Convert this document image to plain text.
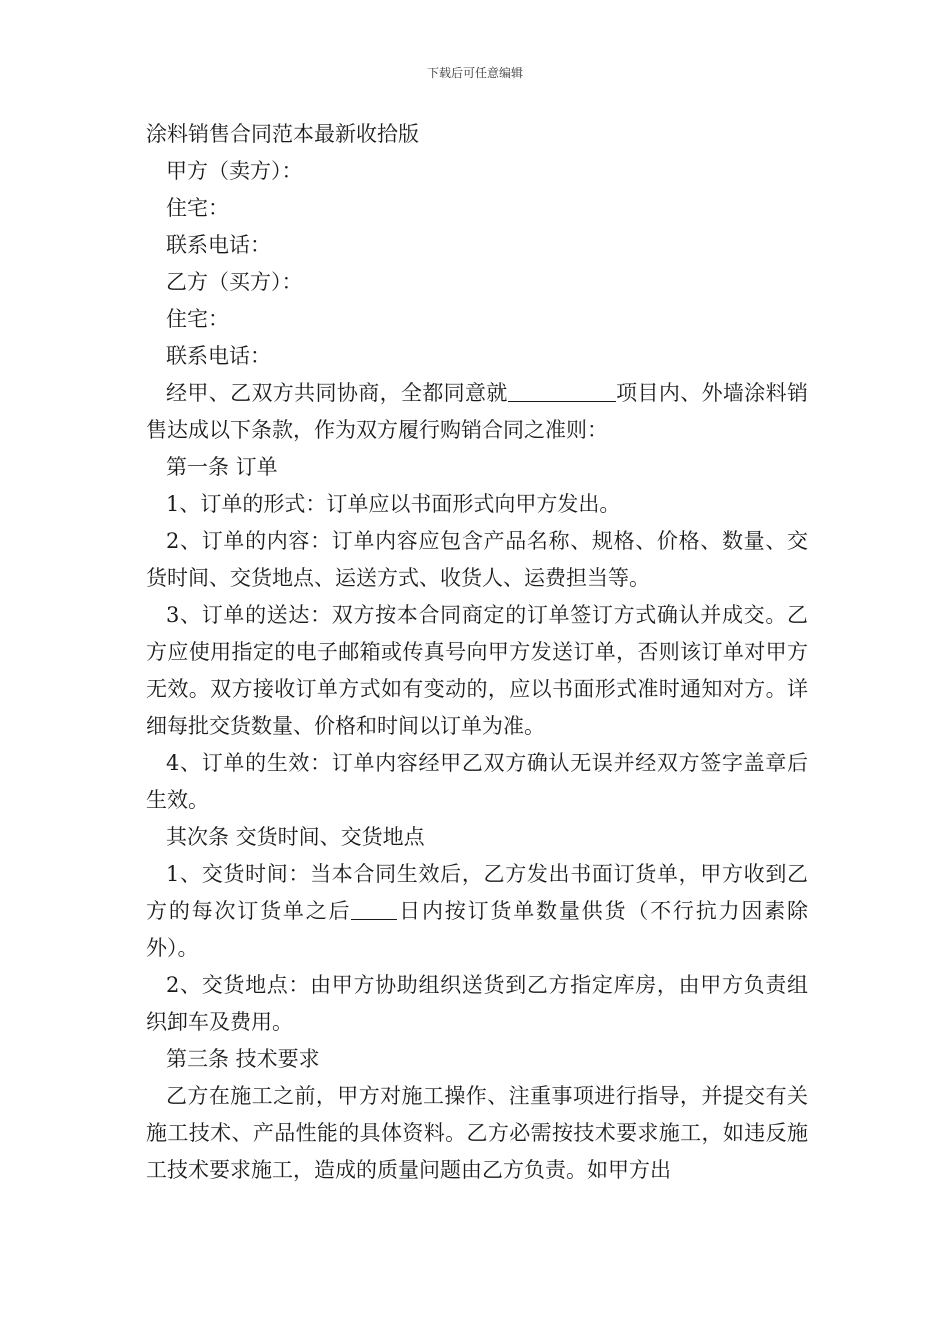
下载后可任意编辑
涂料销售合同范本最新收拾版

甲方（卖方）：

住宅：

联系电话：

乙方（买方）：

住宅：

联系电话：

经甲、乙双方共同协商，全都同意就	项目内、外墙涂料销售达成以下条款，作为双方履行购销合同之准则：

第一条 订单

1、订单的形式：订单应以书面形式向甲方发出。

2、订单的内容：订单内容应包含产品名称、规格、价格、数量、交货时间、交货地点、运送方式、收货人、运费担当等。

3、订单的送达：双方按本合同商定的订单签订方式确认并成交。乙方应使用指定的电子邮箱或传真号向甲方发送订单，否则该订单对甲方无效。双方接收订单方式如有变动的，应以书面形式准时通知对方。详细每批交货数量、价格和时间以订单为准。

4、订单的生效：订单内容经甲乙双方确认无误并经双方签字盖章后生效。

其次条 交货时间、交货地点

1、交货时间：当本合同生效后，乙方发出书面订货单，甲方收到乙方的每次订货单之后 日内按订货单数量供货（不行抗力因素除外）。

2、交货地点：由甲方协助组织送货到乙方指定库房，由甲方负责组织卸车及费用。

第三条 技术要求

乙方在施工之前，甲方对施工操作、注重事项进行指导，并提交有关施工技术、产品性能的具体资料。乙方必需按技术要求施工，如违反施工技术要求施工，造成的质量问题由乙方负责。如甲方出
